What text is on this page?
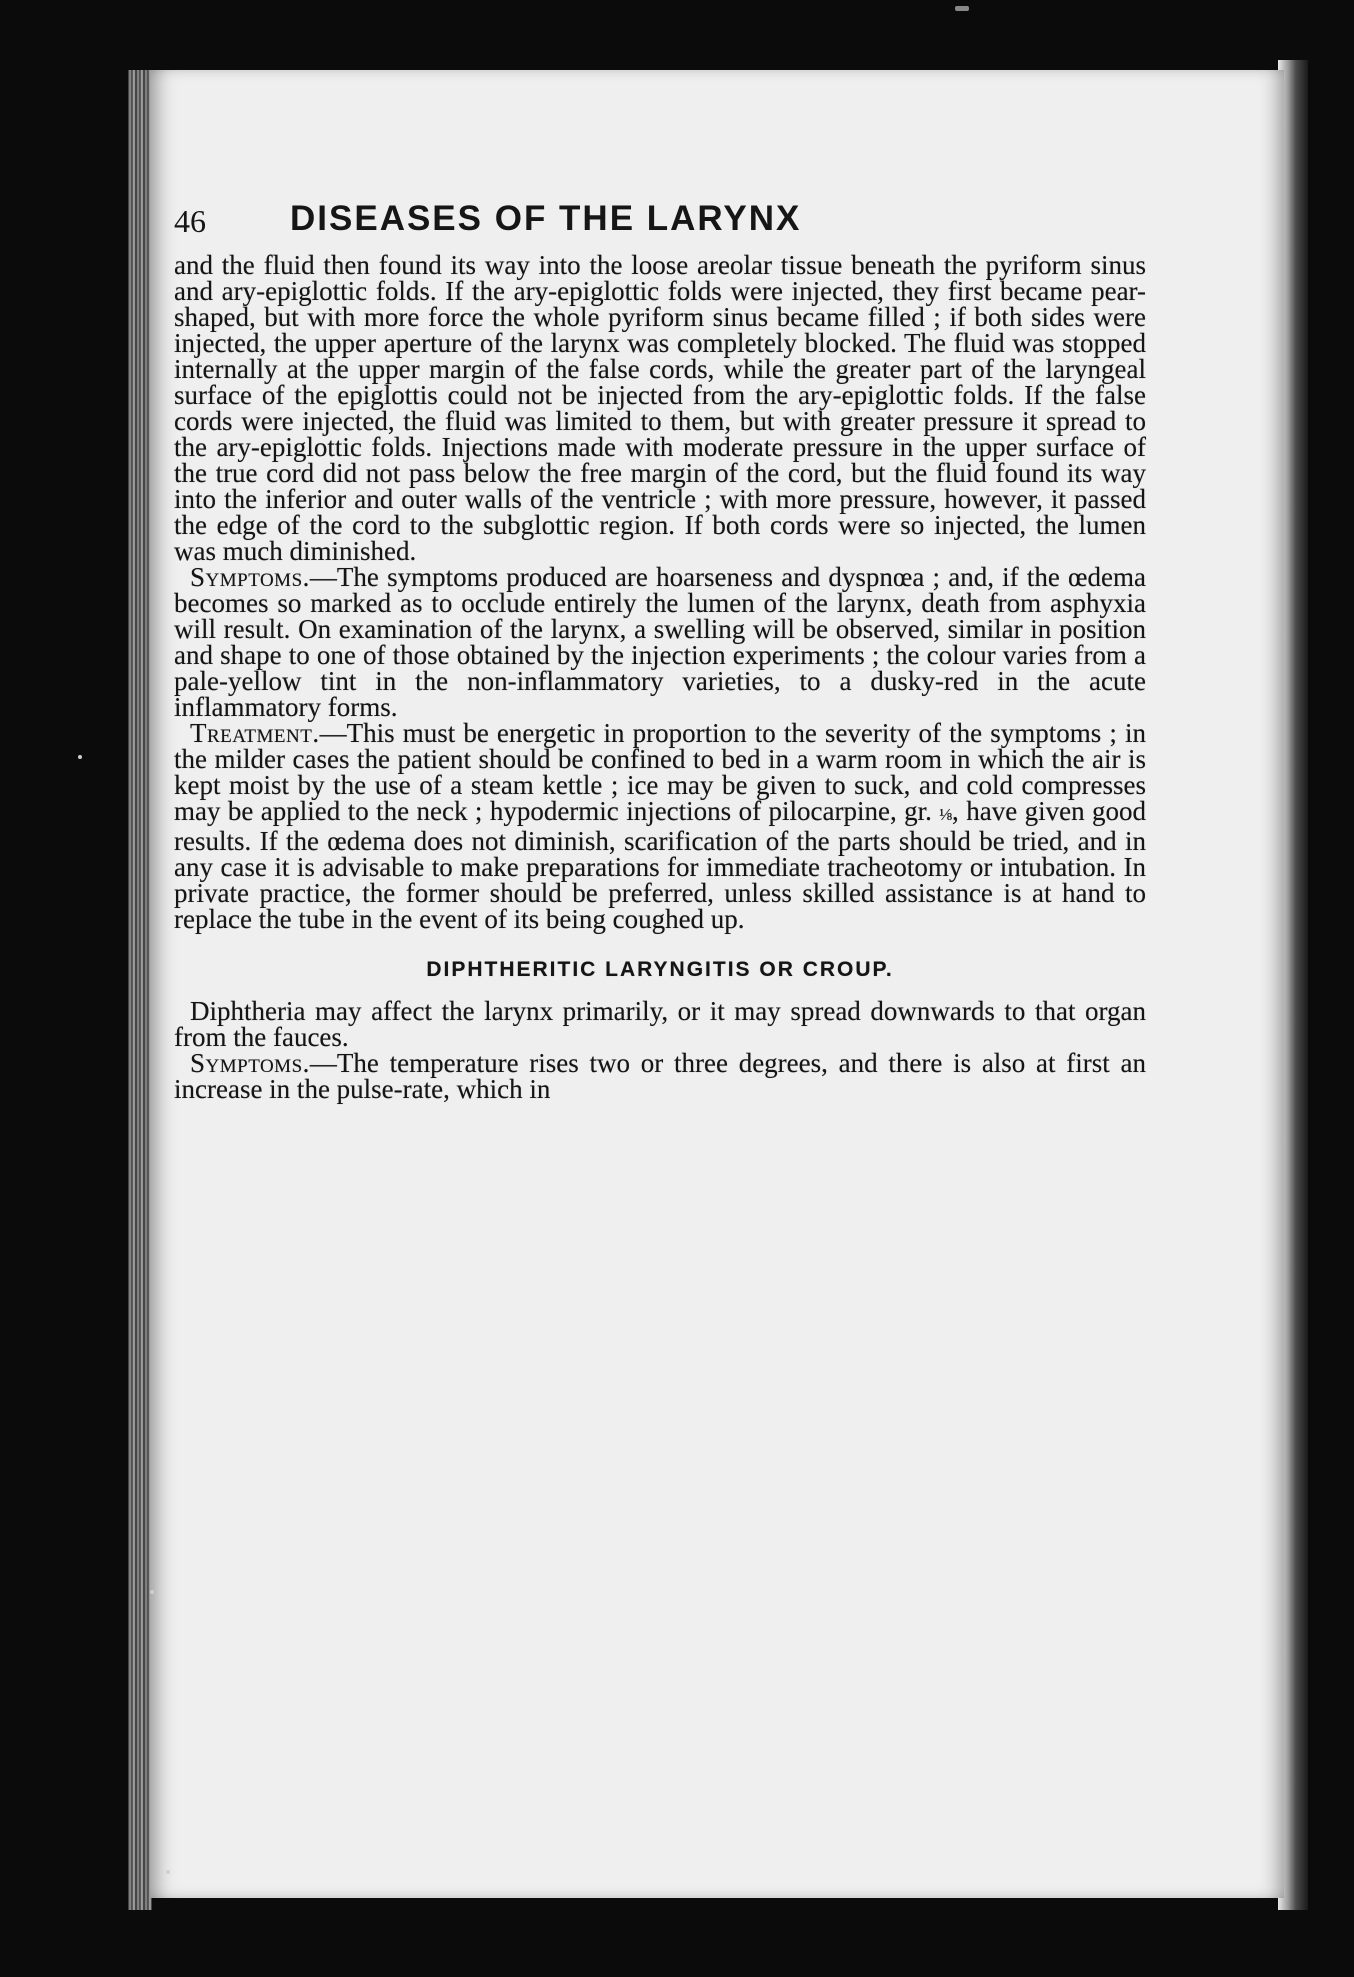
46 DISEASES OF THE LARYNX

and the fluid then found its way into the loose areolar tissue beneath the pyriform sinus and ary-epiglottic folds. If the ary-epiglottic folds were injected, they first became pear-shaped, but with more force the whole pyriform sinus became filled ; if both sides were injected, the upper aperture of the larynx was completely blocked. The fluid was stopped internally at the upper margin of the false cords, while the greater part of the laryngeal surface of the epiglottis could not be injected from the ary-epiglottic folds. If the false cords were injected, the fluid was limited to them, but with greater pressure it spread to the ary-epiglottic folds. Injections made with moderate pressure in the upper surface of the true cord did not pass below the free margin of the cord, but the fluid found its way into the inferior and outer walls of the ventricle ; with more pressure, however, it passed the edge of the cord to the subglottic region. If both cords were so injected, the lumen was much diminished.

Symptoms.—The symptoms produced are hoarseness and dyspnœa ; and, if the œdema becomes so marked as to occlude entirely the lumen of the larynx, death from asphyxia will result. On examination of the larynx, a swelling will be observed, similar in position and shape to one of those obtained by the injection experiments ; the colour varies from a pale-yellow tint in the non-inflammatory varieties, to a dusky-red in the acute inflammatory forms.

Treatment.—This must be energetic in proportion to the severity of the symptoms ; in the milder cases the patient should be confined to bed in a warm room in which the air is kept moist by the use of a steam kettle ; ice may be given to suck, and cold compresses may be applied to the neck ; hypodermic injections of pilocarpine, gr. ⅛, have given good results. If the œdema does not diminish, scarification of the parts should be tried, and in any case it is advisable to make preparations for immediate tracheotomy or intubation. In private practice, the former should be preferred, unless skilled assistance is at hand to replace the tube in the event of its being coughed up.

DIPHTHERITIC LARYNGITIS OR CROUP.

Diphtheria may affect the larynx primarily, or it may spread downwards to that organ from the fauces.

Symptoms.—The temperature rises two or three degrees, and there is also at first an increase in the pulse-rate, which in
